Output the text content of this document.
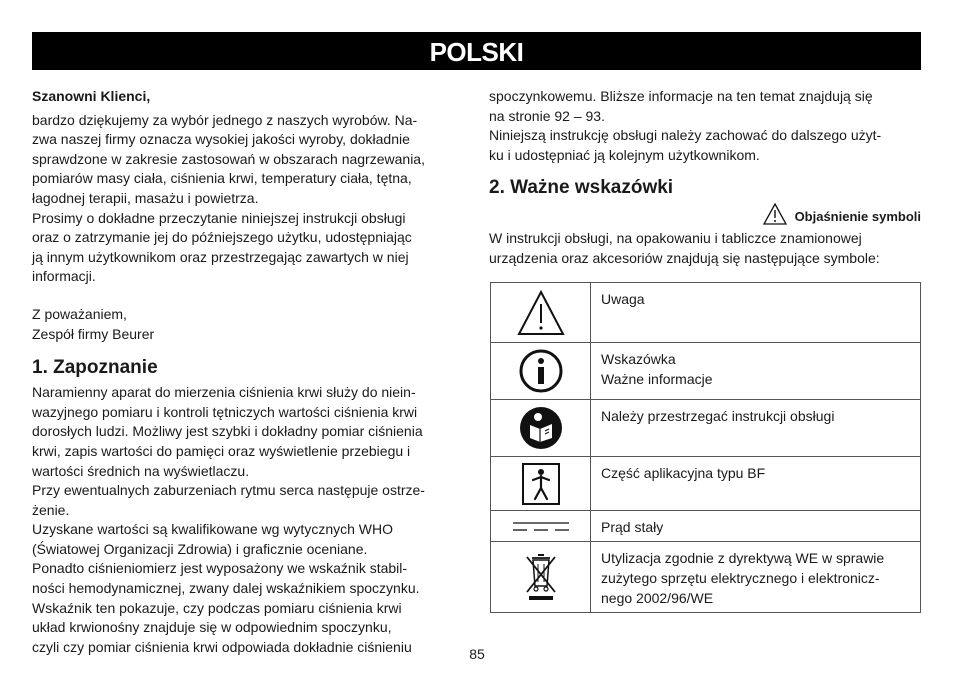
POLSKI

Szanowni Klienci,

bardzo dziękujemy za wybór jednego z naszych wyrobów. Na-
zwa naszej firmy oznacza wysokiej jakości wyroby, dokładnie
sprawdzone w zakresie zastosowań w obszarach nagrzewania,
pomiarów masy ciała, ciśnienia krwi, temperatury ciała, tętna,
łagodnej terapii, masażu i powietrza.
Prosimy o dokładne przeczytanie niniejszej instrukcji obsługi
oraz o zatrzymanie jej do późniejszego użytku, udostępniając
ją innym użytkownikom oraz przestrzegając zawartych w niej
informacji.
Z poważaniem,
Zespół firmy Beurer
1. Zapoznanie
Naramienny aparat do mierzenia ciśnienia krwi służy do niein-
wazyjnego pomiaru i kontroli tętniczych wartości ciśnienia krwi
dorosłych ludzi. Możliwy jest szybki i dokładny pomiar ciśnienia
krwi, zapis wartości do pamięci oraz wyświetlenie przebiegu i
wartości średnich na wyświetlaczu.
Przy ewentualnych zaburzeniach rytmu serca następuje ostrze-
żenie.
Uzyskane wartości są kwalifikowane wg wytycznych WHO
(Światowej Organizacji Zdrowia) i graficznie oceniane.
Ponadto ciśnieniomierz jest wyposażony we wskaźnik stabil-
ności hemodynamicznej, zwany dalej wskaźnikiem spoczynku.
Wskaźnik ten pokazuje, czy podczas pomiaru ciśnienia krwi
układ krwionośny znajduje się w odpowiednim spoczynku,
czyli czy pomiar ciśnienia krwi odpowiada dokładnie ciśnieniu
spoczynkowemu. Bliższe informacje na ten temat znajdują się
na stronie 92 – 93.
Niniejszą instrukcję obsługi należy zachować do dalszego użyt-
ku i udostępniać ją kolejnym użytkownikom.
2. Ważne wskazówki
Objaśnienie symboli
W instrukcji obsługi, na opakowaniu i tabliczce znamionowej
urządzenia oraz akcesoriów znajdują się następujące symbole:

Uwaga

Wskazówka
Ważne informacje

Należy przestrzegać instrukcji obsługi

Część aplikacyjna typu BF

Prąd stały

Utylizacja zgodnie z dyrektywą WE w sprawie
zużytego sprzętu elektrycznego i elektronicz-
nego 2002/96/WE
85
